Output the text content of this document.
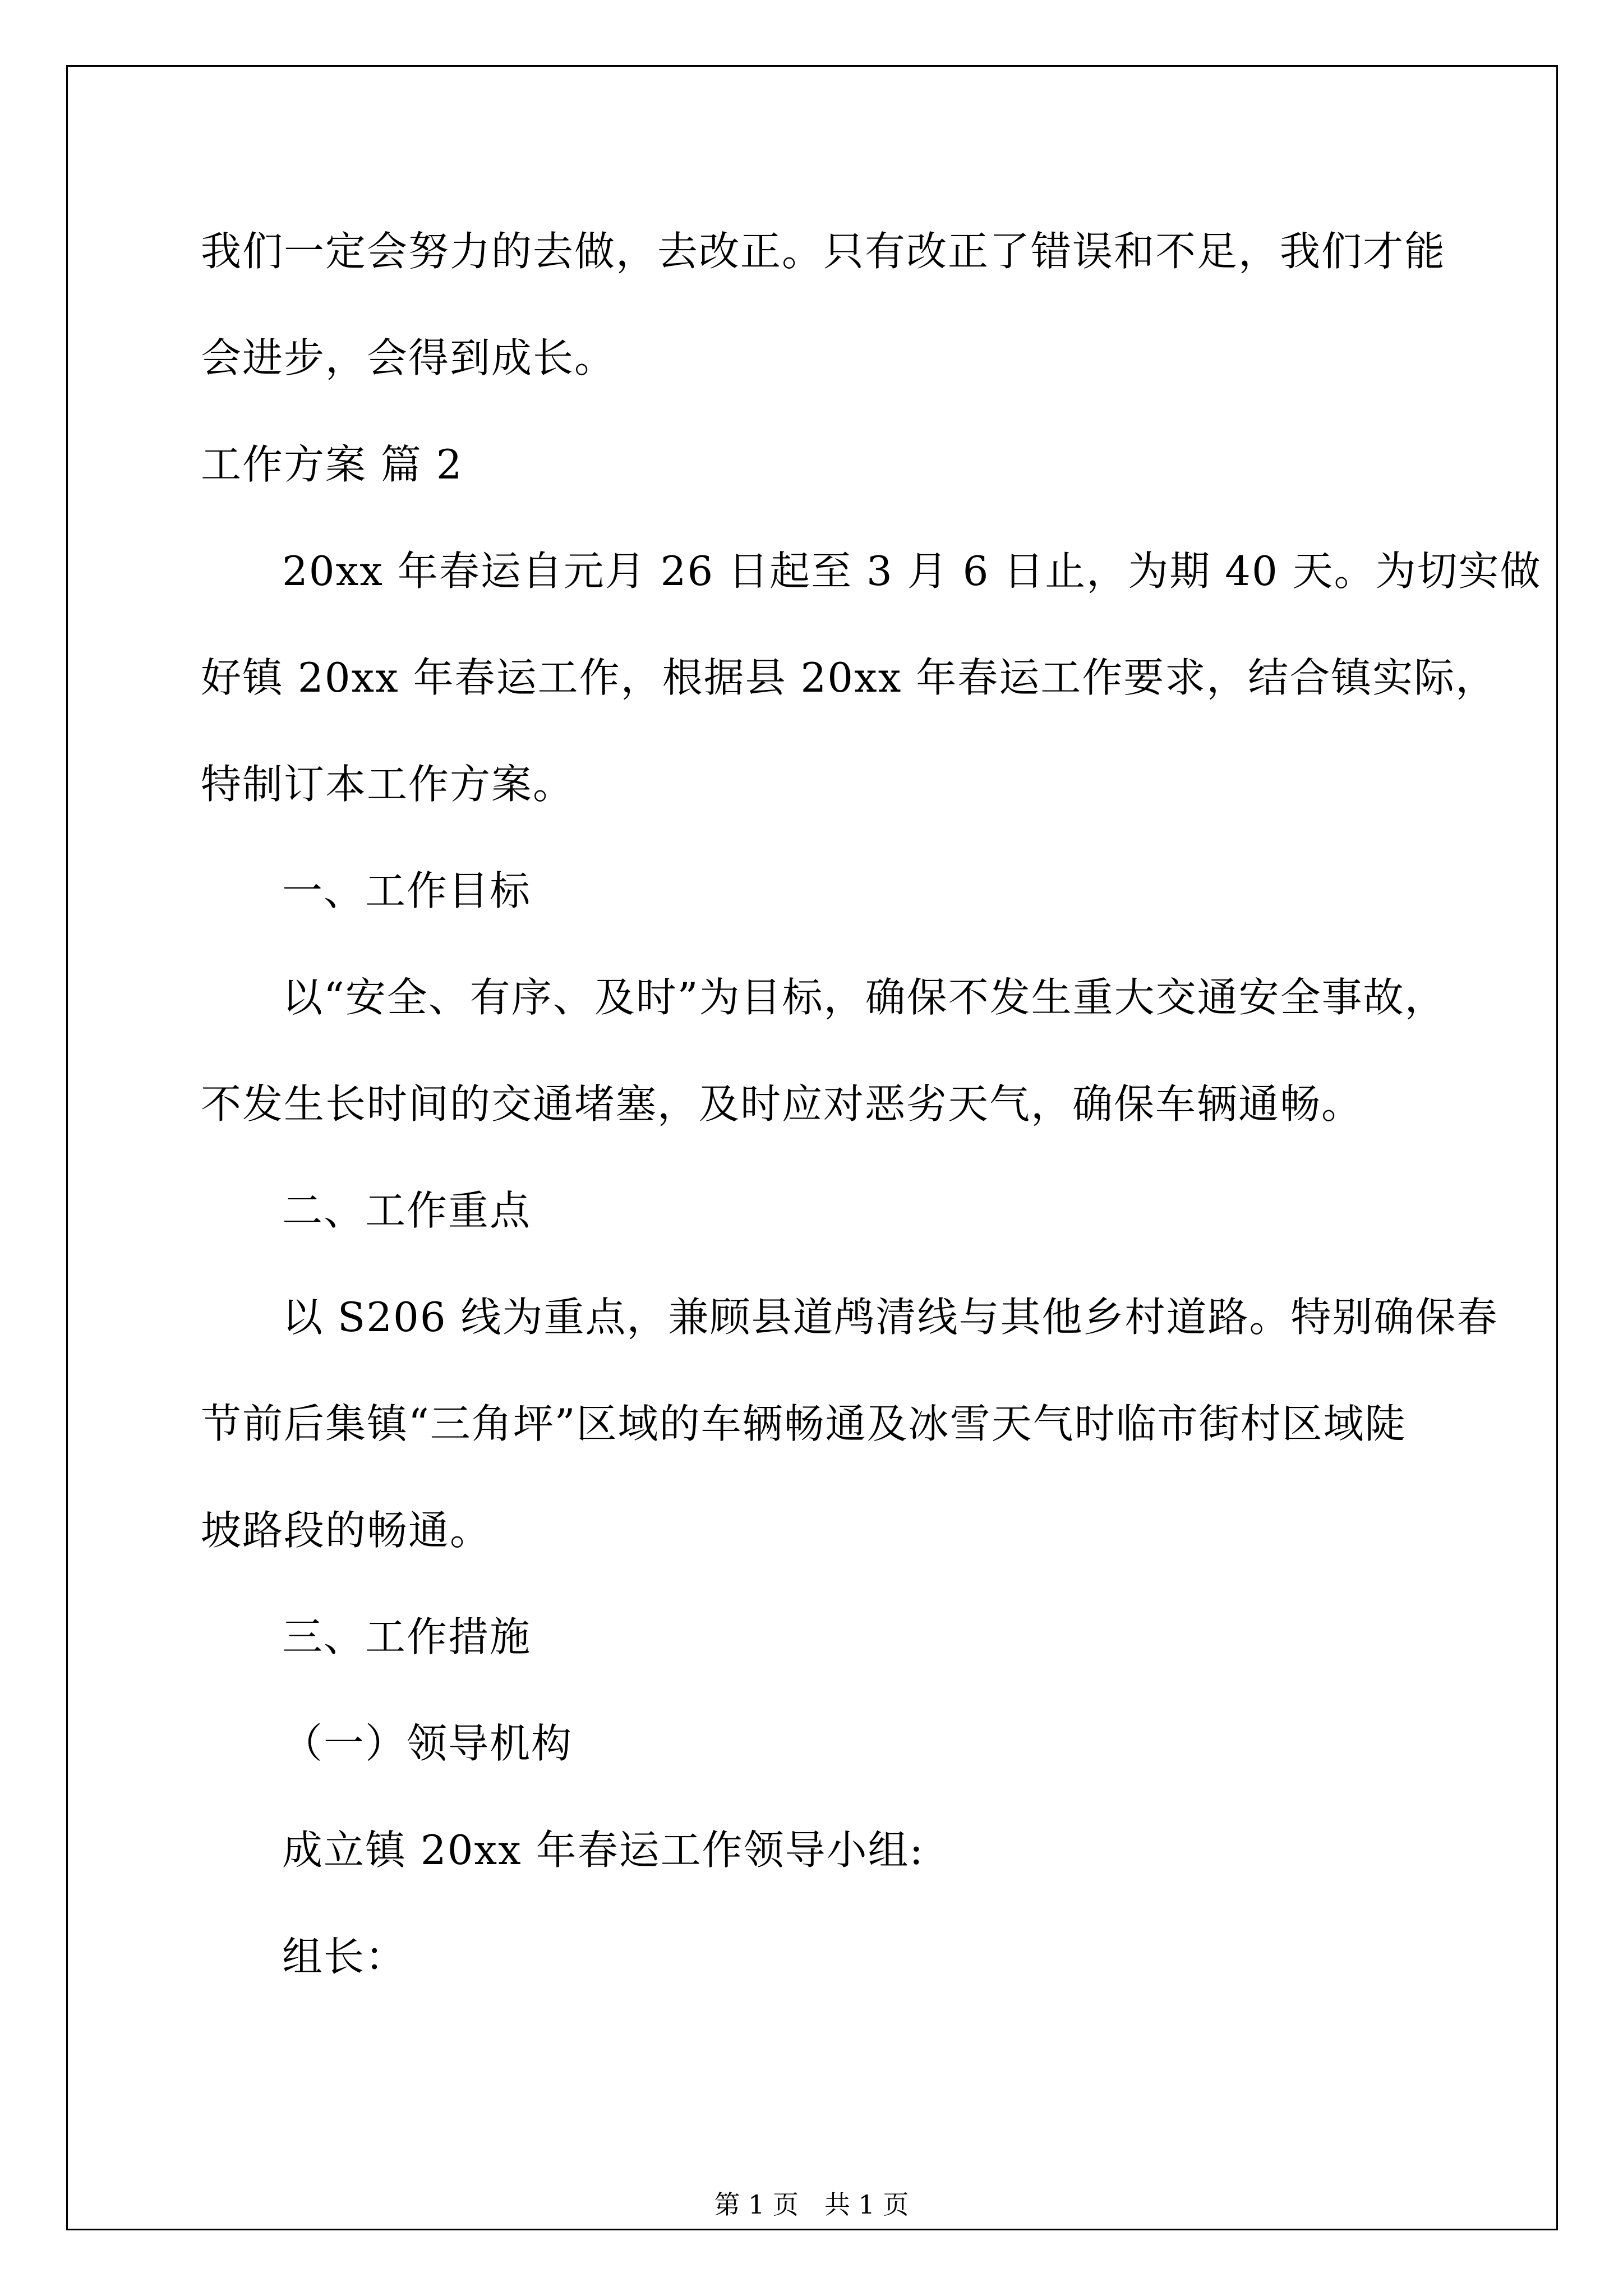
我们一定会努力的去做，去改正。只有改正了错误和不足，我们才能
会进步，会得到成长。
工作方案 篇 2
20xx 年春运自元月 26 日起至 3 月 6 日止，为期 40 天。为切实做
好镇 20xx 年春运工作，根据县 20xx 年春运工作要求，结合镇实际，
特制订本工作方案。
一、工作目标
以“安全、有序、及时”为目标，确保不发生重大交通安全事故，
不发生长时间的交通堵塞，及时应对恶劣天气，确保车辆通畅。
二、工作重点
以 S206 线为重点，兼顾县道鸬清线与其他乡村道路。特别确保春
节前后集镇“三角坪”区域的车辆畅通及冰雪天气时临市街村区域陡
坡路段的畅通。
三、工作措施
（一）领导机构
成立镇 20xx 年春运工作领导小组:
组长：
第 1 页　共 1 页
